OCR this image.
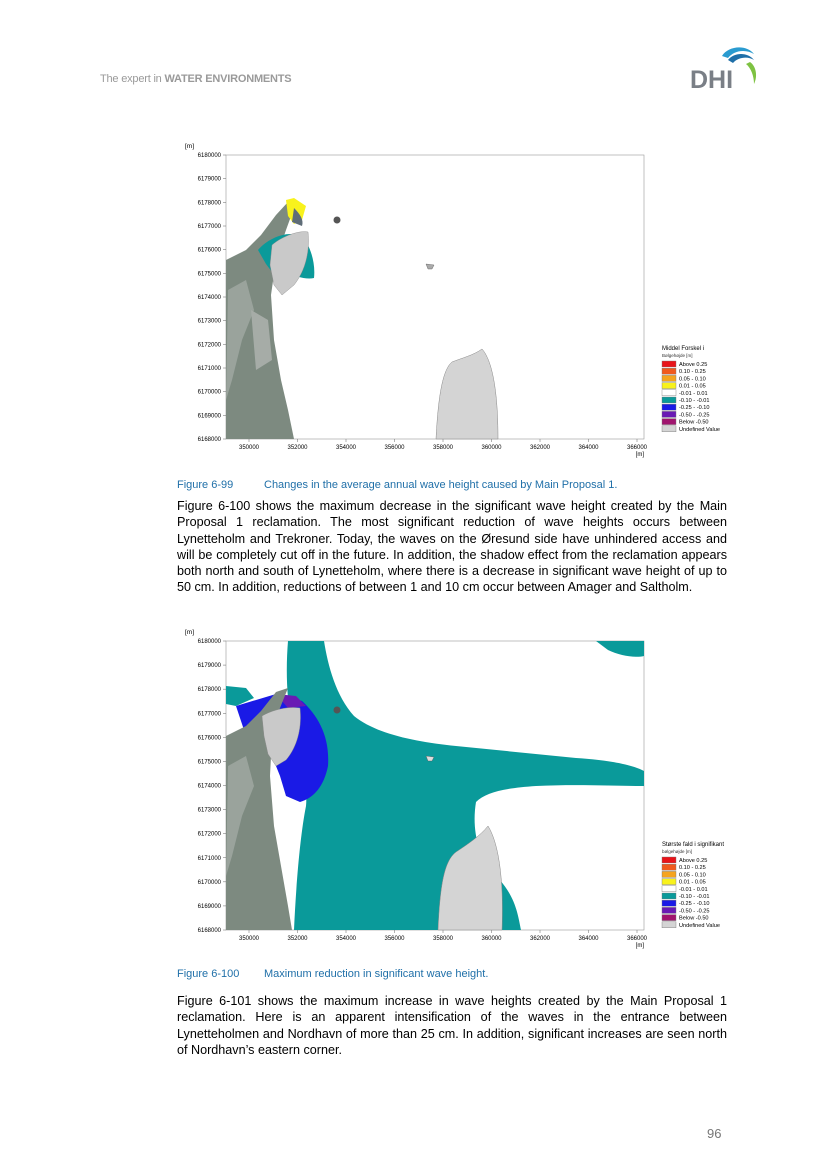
The expert in WATER ENVIRONMENTS	DHI
[m]
6180000
6179000
6178000
6177000
6176000
6175000
6174000
6173000
6172000
6171000
6170000
6169000
6168000
350000	352000	354000	356000	358000	360000	362000	364000	366000
[m]
Middel Forskel i
Bølgehøjde [m]
Above 0.25
0.10 - 0.25
0.05 - 0.10
0.01 - 0.05
-0.01 - 0.01
-0.10 - -0.01
-0.25 - -0.10
-0.50 - -0.25
Below -0.50
Undefined Value
Figure 6-99	Changes in the average annual wave height caused by Main Proposal 1.
Figure 6-100 shows the maximum decrease in the significant wave height created by the Main Proposal 1 reclamation. The most significant reduction of wave heights occurs between Lynetteholm and Trekroner. Today, the waves on the Øresund side have unhindered access and will be completely cut off in the future. In addition, the shadow effect from the reclamation appears both north and south of Lynetteholm, where there is a decrease in significant wave height of up to 50 cm. In addition, reductions of between 1 and 10 cm occur between Amager and Saltholm.
[m]
6180000
6179000
6178000
6177000
6176000
6175000
6174000
6173000
6172000
6171000
6170000
6169000
6168000
350000	352000	354000	356000	358000	360000	362000	364000	366000
[m]
Største fald i signifikant
bølgehøjde [m]
Above 0.25
0.10 - 0.25
0.05 - 0.10
0.01 - 0.05
-0.01 - 0.01
-0.10 - -0.01
-0.25 - -0.10
-0.50 - -0.25
Below -0.50
Undefined Value
Figure 6-100 Maximum reduction in significant wave height.
Figure 6-101 shows the maximum increase in wave heights created by the Main Proposal 1 reclamation. Here is an apparent intensification of the waves in the entrance between Lynetteholmen and Nordhavn of more than 25 cm. In addition, significant increases are seen north of Nordhavn’s eastern corner.
96
